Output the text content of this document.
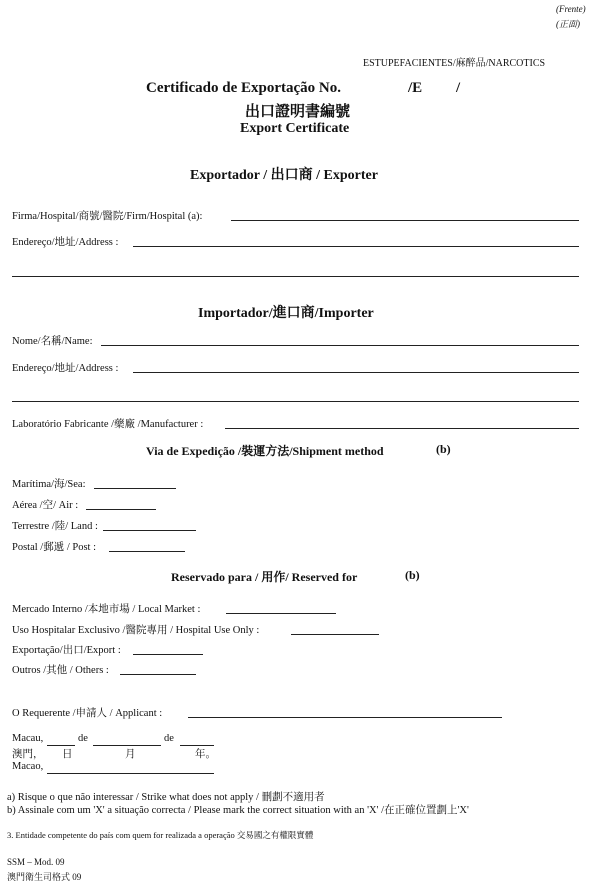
(Frente)
(正面)
ESTUPEFACIENTES/麻醉品/NARCOTICS
Certificado de Exportação No.	/E /
出口證明書編號
Export Certificate
Exportador / 出口商 / Exporter
Firma/Hospital/商號/醫院/Firm/Hospital (a):
Endereço/地址/Address :
Importador/進口商/Importer
Nome/名稱/Name:
Endereço/地址/Address :
Laboratório Fabricante /藥廠 /Manufacturer :
Via de Expedição /裝運方法/Shipment method	(b)
Marítima/海/Sea:
Aérea /空/ Air :
Terrestre /陸/ Land :
Postal /郵遞 / Post :
Reservado para / 用作/ Reserved for	(b)
Mercado Interno /本地市場 / Local Market :
Uso Hospitalar Exclusivo /醫院專用 / Hospital Use Only :
Exportação/出口/Export :
Outros /其他 / Others :
O Requerente /申請人 / Applicant :
Macau,	de	de
澳門， 日	月	年。
Macao,
a) Risque o que não interessar / Strike what does not apply / 刪劃不適用者
b) Assinale com um 'X' a situação correcta / Please mark the correct situation with an 'X' /在正確位置劃上'X'
3. Entidade competente do país com quem for realizada a operação 交易國之有權限實體
SSM – Mod. 09
澳門衛生司格式 09
